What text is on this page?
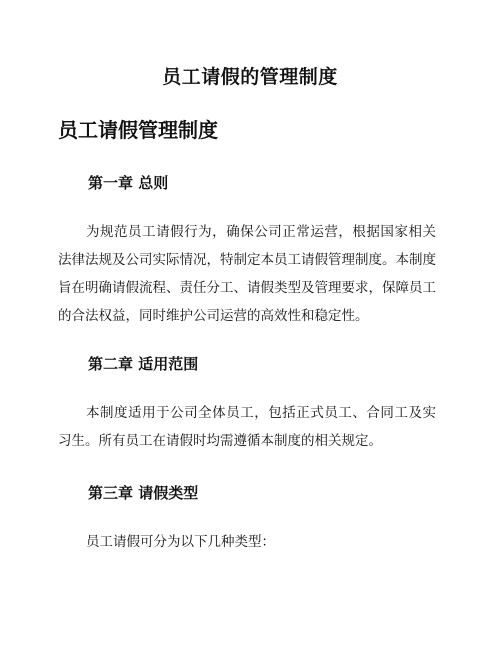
员工请假的管理制度
员工请假管理制度
第一章 总则

为规范员工请假行为，确保公司正常运营，根据国家相关法律法规及公司实际情况，特制定本员工请假管理制度。本制度旨在明确请假流程、责任分工、请假类型及管理要求，保障员工的合法权益，同时维护公司运营的高效性和稳定性。

第二章 适用范围

本制度适用于公司全体员工，包括正式员工、合同工及实习生。所有员工在请假时均需遵循本制度的相关规定。

第三章 请假类型

员工请假可分为以下几种类型：
